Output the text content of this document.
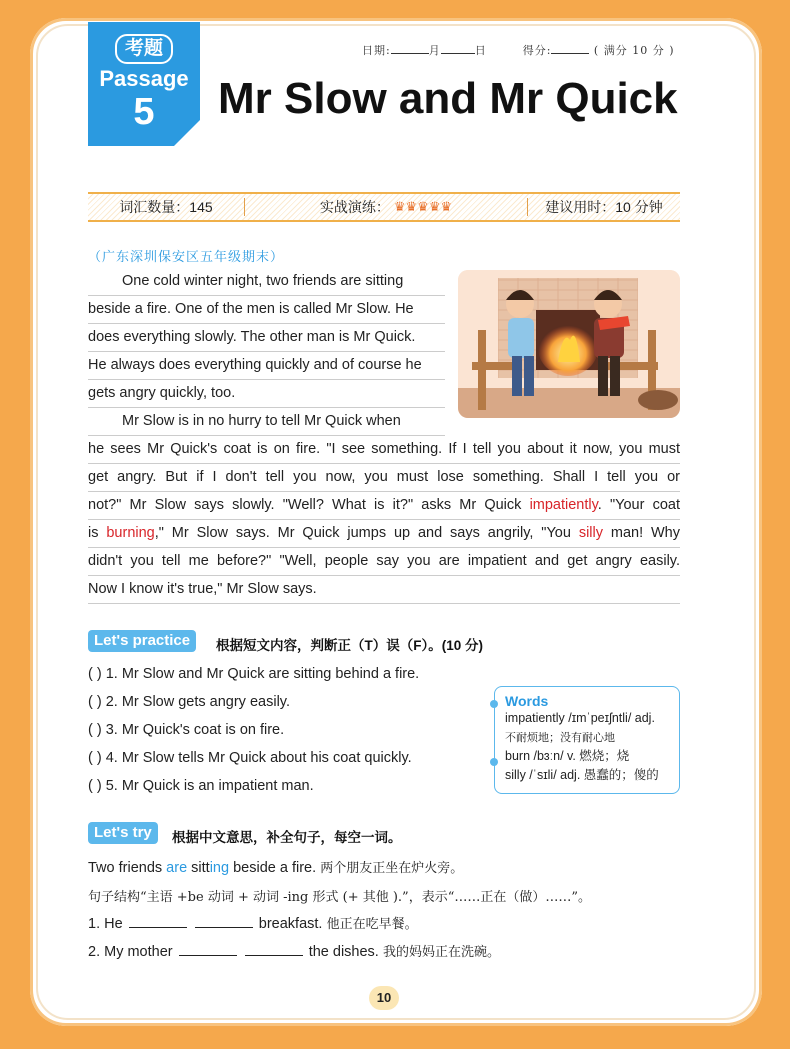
考题
Passage
5
日期:	月	日	得分:	( 满分 10 分 )
Mr Slow and Mr Quick
词汇数量：145	实战演练： ♛♛♛♛♛	建议用时：10 分钟
（广东深圳保安区五年级期末）
One cold winter night, two friends are sitting
beside a fire. One of the men is called Mr Slow. He
does everything slowly. The other man is Mr Quick.
He always does everything quickly and of course he
gets angry quickly, too.
Mr Slow is in no hurry to tell Mr Quick when
he sees Mr Quick's coat is on fire. "I see something. If I tell you about it now, you must
get angry. But if I don't tell you now, you must lose something. Shall I tell you or
not?" Mr Slow says slowly. "Well? What is it?" asks Mr Quick impatiently. "Your coat
is burning," Mr Slow says. Mr Quick jumps up and says angrily, "You silly man! Why
didn't you tell me before?" "Well, people say you are impatient and get angry easily.
Now I know it's true," Mr Slow says.
Let's practice	根据短文内容，判断正（T）误（F）。(10 分)
( ) 1. Mr Slow and Mr Quick are sitting behind a fire.
( ) 2. Mr Slow gets angry easily.
( ) 3. Mr Quick's coat is on fire.
( ) 4. Mr Slow tells Mr Quick about his coat quickly.
( ) 5. Mr Quick is an impatient man.
Words
impatiently /ɪmˈpeɪʃntli/ adj.
不耐烦地；没有耐心地
burn /bɜːn/ v. 燃烧；烧
silly /ˈsɪli/ adj. 愚蠢的；傻的
Let's try	根据中文意思，补全句子，每空一词。
Two friends are sitting beside a fire. 两个朋友正坐在炉火旁。
句子结构“主语 +be 动词 + 动词 -ing 形式 (+ 其他 ).”，表示“……正在（做）……”。
1. He	breakfast. 他正在吃早餐。
2. My mother	the dishes. 我的妈妈正在洗碗。
10
